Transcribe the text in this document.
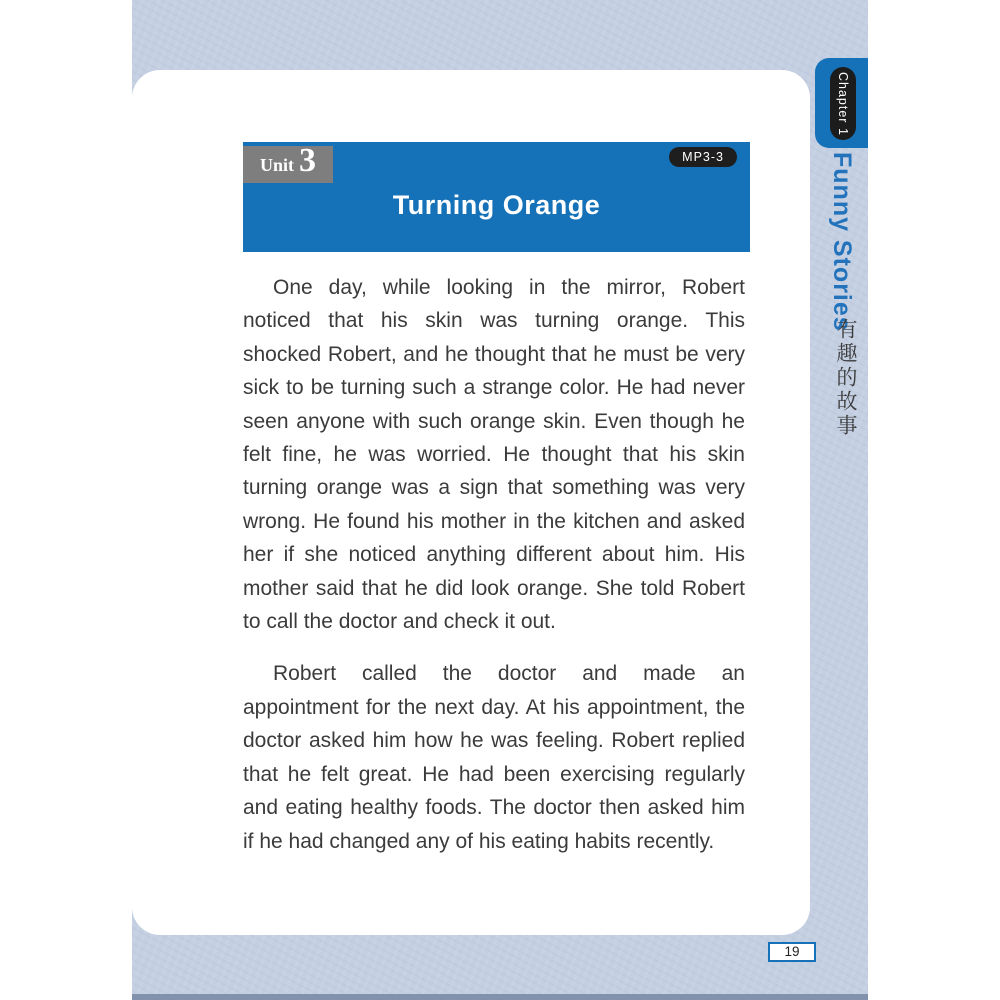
Unit 3	MP3-3
Turning Orange

One day, while looking in the mirror, Robert noticed that his skin was turning orange. This shocked Robert, and he thought that he must be very sick to be turning such a strange color. He had never seen anyone with such orange skin. Even though he felt fine, he was worried. He thought that his skin turning orange was a sign that something was very wrong. He found his mother in the kitchen and asked her if she noticed anything different about him. His mother said that he did look orange. She told Robert to call the doctor and check it out.

Robert called the doctor and made an appointment for the next day. At his appointment, the doctor asked him how he was feeling. Robert replied that he felt great. He had been exercising regularly and eating healthy foods. The doctor then asked him if he had changed any of his eating habits recently.

Chapter 1
Funny Stories
有趣的故事
19
